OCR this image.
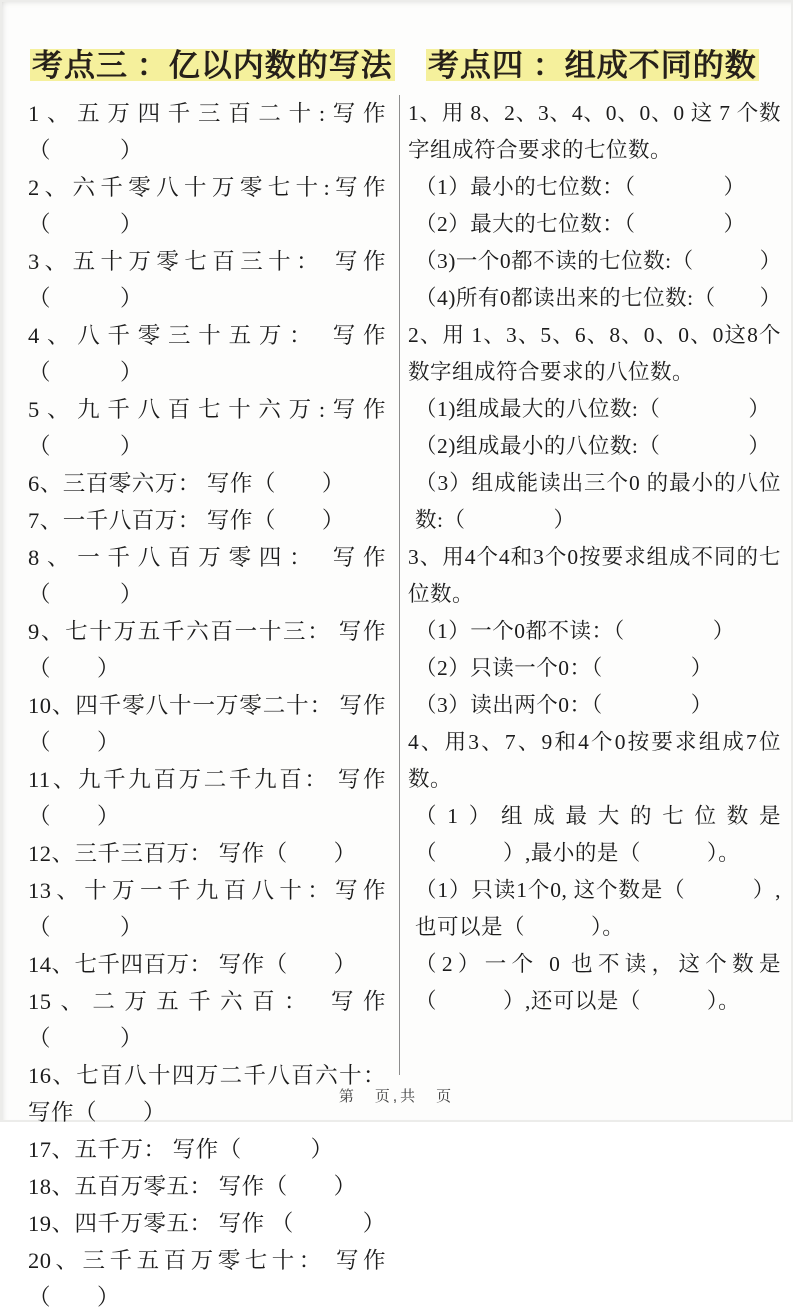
考点三 ：亿以内数的写法

1、五万四千三百二十:写作（　　　）

2、六千零八十万零七十:写作（　　　）

3、五十万零七百三十： 写作（　　　）

4、八千零三十五万： 写作（　　　）

5、九千八百七十六万:写作（　　　）

6、三百零六万： 写作（　　）

7、一千八百万： 写作（　　）

8、一千八百万零四： 写作（　　　）

9、七十万五千六百一十三： 写作（　　）

10、四千零八十一万零二十： 写作（　　）

11、九千九百万二千九百： 写作（　　）

12、三千三百万： 写作（　　）

13、十万一千九百八十：写作（　　　）

14、七千四百万： 写作（　　）

15、二万五千六百： 写作（　　　）

16、七百八十四万二千八百六十： 写作（　　）

17、五千万： 写作（　　　）

18、五百万零五： 写作（　　）

19、四千万零五： 写作 （　　　）

20、三千五百万零七十： 写作（　　）

考点四 ：组成不同的数

1、用 8、2、3、4、0、0、0 这 7 个数字组成符合要求的七位数。

（1）最小的七位数：（　　　　）

（2）最大的七位数：（　　　　）

（3)一个0都不读的七位数:（　　　）

（4)所有0都读出来的七位数:（　　）

2、用 1、3、5、6、8、0、0、0这8个数字组成符合要求的八位数。

（1)组成最大的八位数:（　　　　）

（2)组成最小的八位数:（　　　　）

（3）组成能读出三个0 的最小的八位数:（　　　　）

3、用4个4和3个0按要求组成不同的七位数。

（1）一个0都不读：（　　　　）

（2）只读一个0：（　　　　）

（3）读出两个0：（　　　　）

4、用3、7、9和4个0按要求组成7位数。

（1）组成最大的七位数是（　　　）,最小的是（　　　）。

（1）只读1个0, 这个数是（　　　）,也可以是（　　　）。

（2）一个 0 也不读，这个数是（　　　）,还可以是（　　　）。

第　页,共　页
